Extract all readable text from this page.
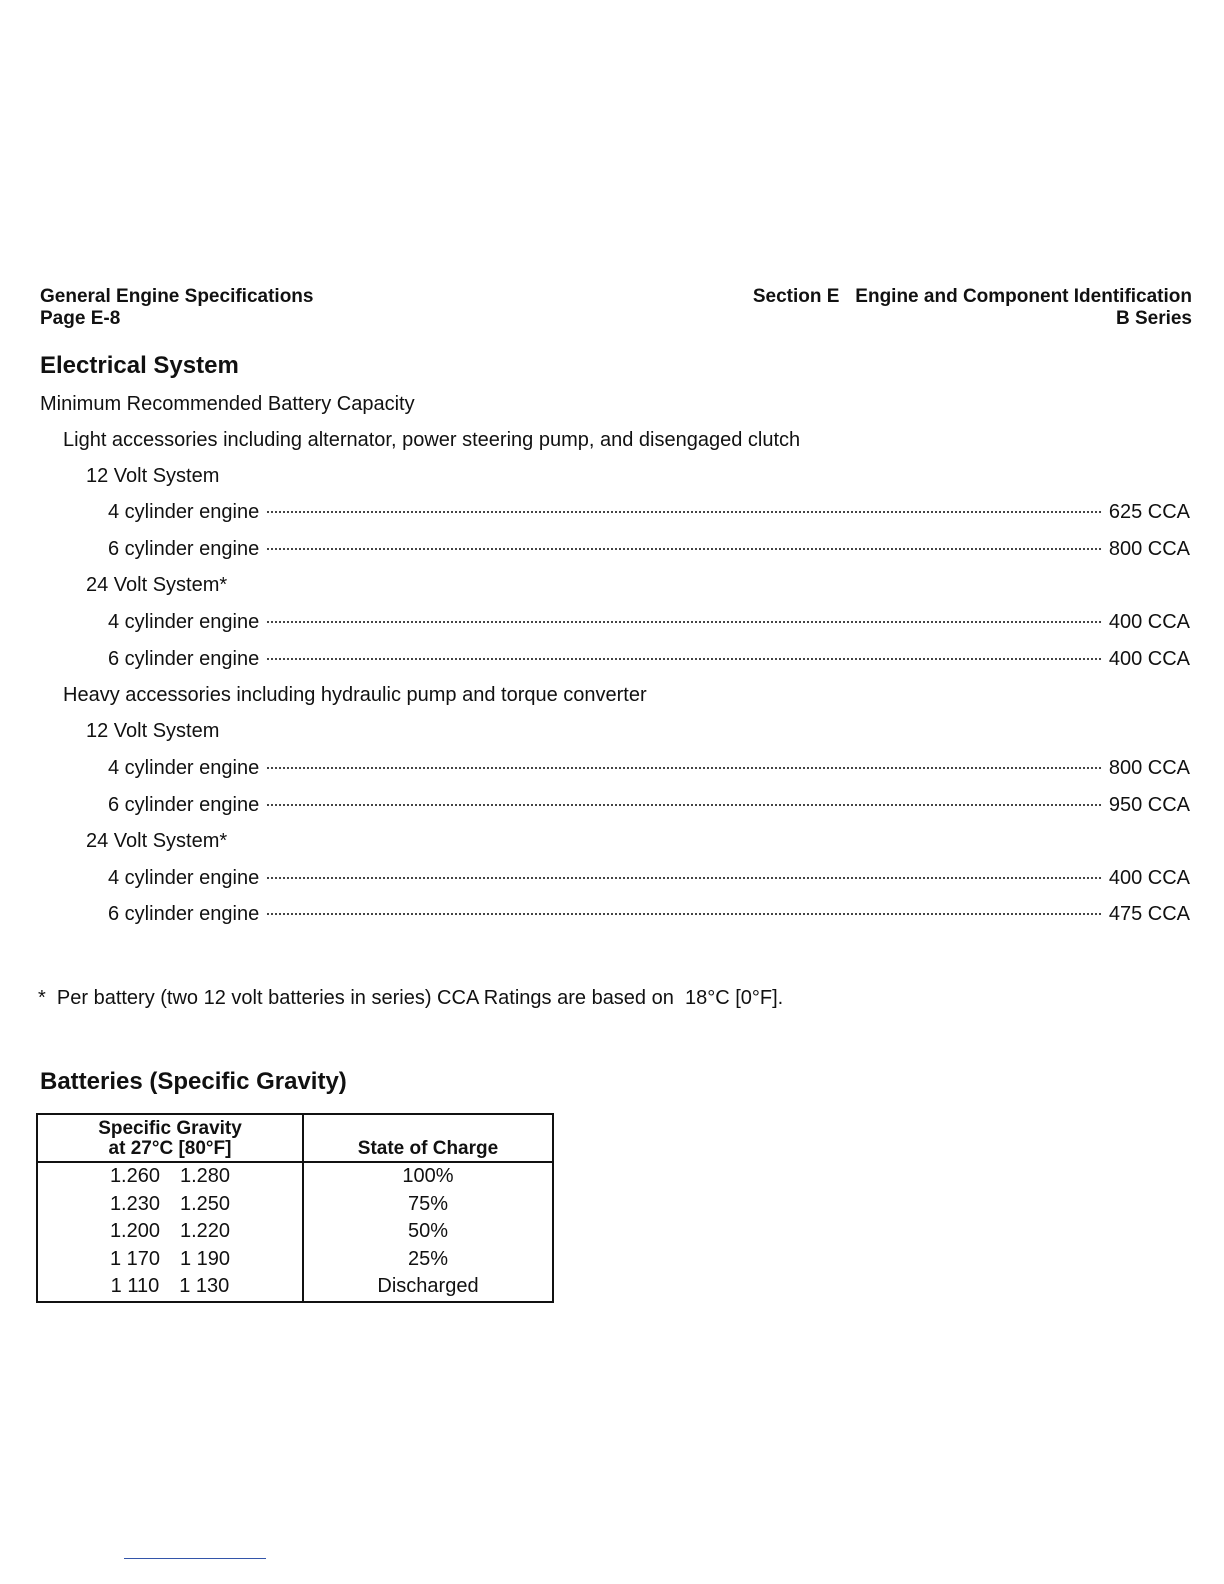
General Engine Specifications
Page E-8
Section E   Engine and Component Identification
B Series
Electrical System
Minimum Recommended Battery Capacity
Light accessories including alternator, power steering pump, and disengaged clutch
12 Volt System
4 cylinder engine	625 CCA
6 cylinder engine	800 CCA
24 Volt System*
4 cylinder engine	400 CCA
6 cylinder engine	400 CCA
Heavy accessories including hydraulic pump and torque converter
12 Volt System
4 cylinder engine	800 CCA
6 cylinder engine	950 CCA
24 Volt System*
4 cylinder engine	400 CCA
6 cylinder engine	475 CCA
*  Per battery (two 12 volt batteries in series) CCA Ratings are based on  18°C [0°F].
Batteries (Specific Gravity)
Specific Gravity
at 27°C [80°F]	State of Charge
1.260 1.280	100%
1.230 1.250	75%
1.200 1.220	50%
1 170 1 190	25%
1 110 1 130	Discharged
